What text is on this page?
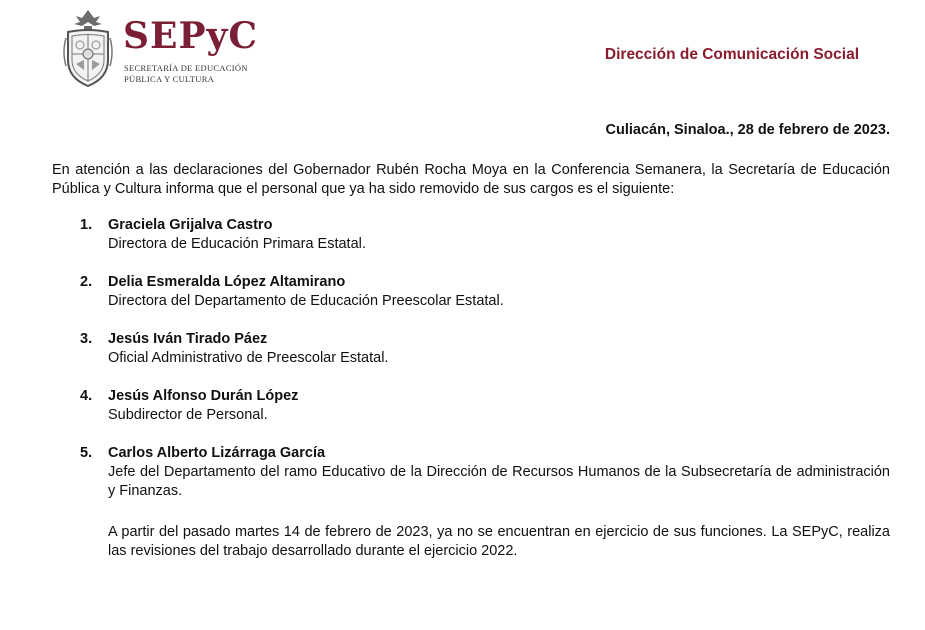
SEPyC
SECRETARÍA DE EDUCACIÓN
PÚBLICA Y CULTURA
Dirección de Comunicación Social
Culiacán, Sinaloa., 28 de febrero de 2023.
En atención a las declaraciones del Gobernador Rubén Rocha Moya en la Conferencia Semanera, la Secretaría de Educación Pública y Cultura informa que el personal que ya ha sido removido de sus cargos es el siguiente:
1. Graciela Grijalva Castro
Directora de Educación Primara Estatal.
2. Delia Esmeralda López Altamirano
Directora del Departamento de Educación Preescolar Estatal.
3. Jesús Iván Tirado Páez
Oficial Administrativo de Preescolar Estatal.
4. Jesús Alfonso Durán López
Subdirector de Personal.
5. Carlos Alberto Lizárraga García
Jefe del Departamento del ramo Educativo de la Dirección de Recursos Humanos de la Subsecretaría de administración y Finanzas.
A partir del pasado martes 14 de febrero de 2023, ya no se encuentran en ejercicio de sus funciones. La SEPyC, realiza las revisiones del trabajo desarrollado durante el ejercicio 2022.
